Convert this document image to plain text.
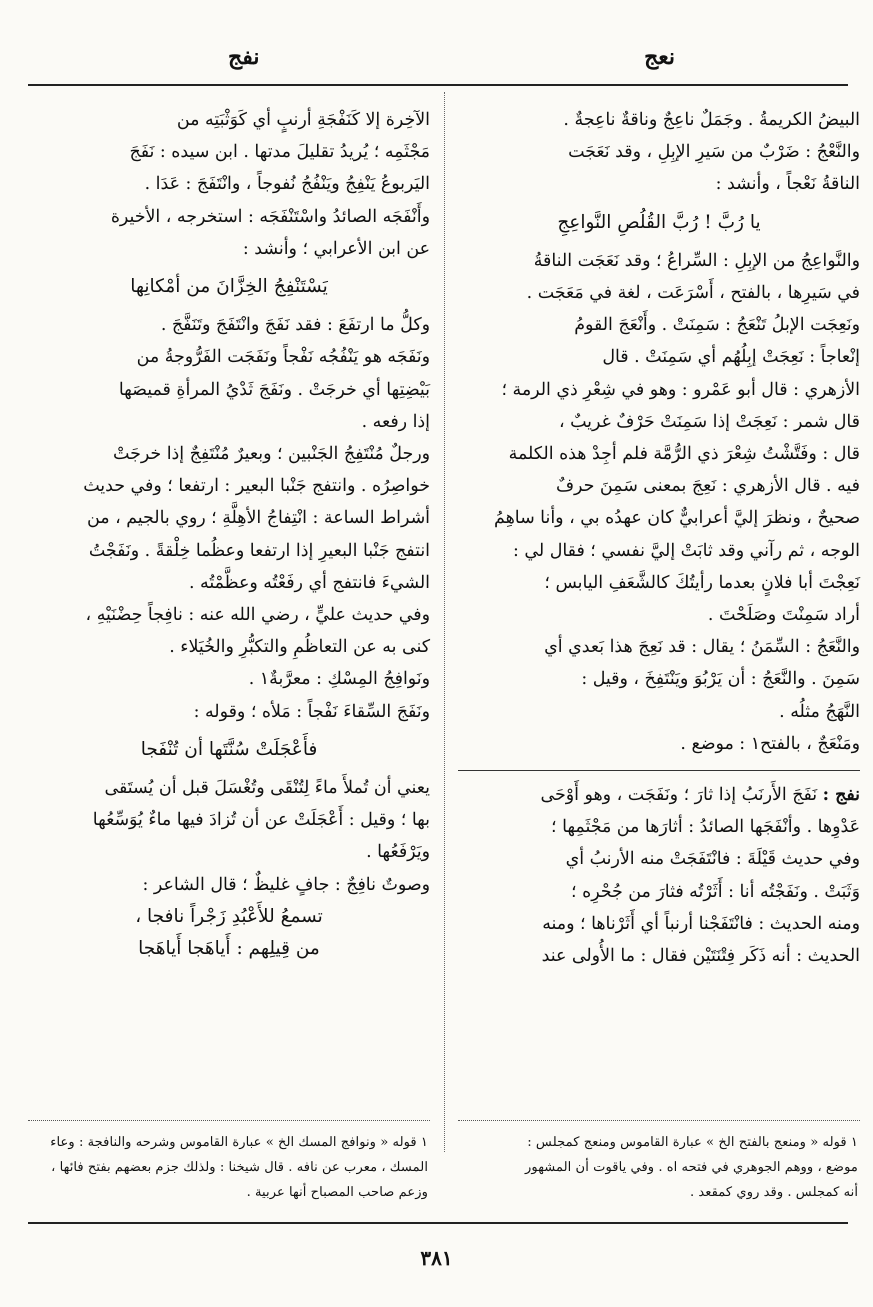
نعج
نفج

البيضُ الكريمةُ . وجَمَلٌ ناعِجٌ وناقةٌ ناعِجةٌ .

والنَّعْجُ : ضَرْبٌ من سَيرِ الإبِلِ ، وقد نَعَجَت

الناقةُ نَعْجاً ، وأنشد :

يا رُبَّ ! رُبَّ القُلُصِ النَّواعِجِ

والنَّواعِجُ من الإبِلِ : السِّراعُ ؛ وقد نَعَجَت الناقةُ

في سَيرِها ، بالفتح ، أَسْرَعَت ، لغة في مَعَجَت .

ونَعِجَت الإبلُ تَنْعَجُ : سَمِنَتْ . وأَنْعَجَ القومُ

إنْعاجاً : نَعِجَتْ إبِلُهُم أي سَمِنَتْ . قال

الأزهري : قال أبو عَمْرو : وهو في شِعْرِ ذي الرمة ؛

قال شمر : نَعِجَتْ إذا سَمِنَتْ حَرْفٌ غريبٌ ،

قال : وفَتَّشْتُ شِعْرَ ذي الرُّمَّة فلم أجِدْ هذه الكلمة

فيه . قال الأزهري : نَعِجَ بمعنى سَمِنَ حرفٌ

صحيحٌ ، ونظرَ إليَّ أعرابيٌّ كان عهدُه بي ، وأنا ساهِمُ

الوجه ، ثم رآني وقد ثابَتْ إليَّ نفسي ؛ فقال لي :

نَعِجْتَ أبا فلانٍ بعدما رأيتُكَ كالشَّعَفِ اليابس ؛

أراد سَمِنْتَ وصَلَحْتَ .

والنَّعَجُ : السِّمَنُ ؛ يقال : قد نَعِجَ هذا بَعدي أي

سَمِنَ . والنَّعَجُ : أن يَرْبُوَ ويَنْتَفِخَ ، وقيل :

النَّهَجُ مثلُه .

ومَنْعَجٌ ، بالفتح١ : موضع .

نفج : نَفَجَ الأَرنَبُ إذا ثارَ ؛ ونَفَجَت ، وهو أَوْحَى

عَدْوِها . وأنْفَجَها الصائدُ : أثارَها من مَجْثَمِها ؛

وفي حديث قَيْلَةَ : فانْتَفَجَتْ منه الأرنبُ أي

وَثَبَتْ . ونَفَجْتُه أنا : أَثَرْتُه فثارَ من جُحْرِه ؛

ومنه الحديث : فانْتَفَجْنا أرنباً أي أَثَرْناها ؛ ومنه

الحديث : أنه ذَكَر فِتْنَتَيْن فقال : ما الأُولى عند

الآخِرة إلا كَنَفْجَةِ أرنبٍ أي كَوَثْبَتِه من

مَجْثَمِه ؛ يُريدُ تقليلَ مدتها . ابن سيده : نَفَجَ

اليَربوعُ يَنْفِجُ ويَنْفُجُ نُفوجاً ، وانْتَفَجَ : عَدَا .

وأَنْفَجَه الصائدُ واسْتَنْفَجَه : استخرجه ، الأخيرة

عن ابن الأعرابي ؛ وأنشد :

يَسْتَنْفِجُ الخِزَّانَ من أمْكانِها

وكلُّ ما ارتفَعَ : فقد نَفَجَ وانْتَفَجَ وتَنَفَّجَ .

ونَفَجَه هو يَنْفُجُه نَفْجاً ونَفَجَت الفَرُّوجةُ من

بَيْضِتِها أي خرجَتْ . ونَفَجَ ثَدْيُ المرأةِ قميصَها

إذا رفعه .

ورجلٌ مُنْتَفِجُ الجَنْبين ؛ وبعيرٌ مُنْتَفِجٌ إذا خرجَتْ

خواصِرُه . وانتفج جَنْبا البعير : ارتفعا ؛ وفي حديث

أشراط الساعة : انْتِفاجُ الأهِلَّةِ ؛ روي بالجيم ، من

انتفج جَنْبا البعيرِ إذا ارتفعا وعظُما خِلْقةً . ونَفَجْتُ

الشيءَ فانتفج أي رفَعْتُه وعظَّمْتُه .

وفي حديث عليٍّ ، رضي الله عنه : نافِجاً حِضْنَيْهِ ،

كنى به عن التعاظُمِ والتكبُّرِ والخُيَلاء .

ونَوافِجُ المِسْكِ : معرَّبةٌ١ .

ونَفَجَ السِّقاءَ نَفْجاً : مَلأه ؛ وقوله :

فأَعْجَلَتْ سُنَّتَها أن تُنْفَجا

يعني أن تُملأَ ماءً لِتُنْقَى وتُغْسَلَ قبل أن يُستَقى

بها ؛ وقيل : أَعْجَلَتْ عن أن تُزادَ فيها ماءٌ يُوَسِّعُها

ويَرْفَعُها .

وصوتٌ نافِجٌ : جافٍ غليظٌ ؛ قال الشاعر :

تسمعُ للأَعْبُدِ زَجْراً نافجا ،

من قِيلِهم : أَياهَجا أَياهَجا

١ قوله « ومنعج بالفتح الخ » عبارة القاموس ومنعج كمجلس :

موضع ، ووهم الجوهري في فتحه اه . وفي ياقوت أن المشهور

أنه كمجلس . وقد روي كمقعد .

١ قوله « ونوافج المسك الخ » عبارة القاموس وشرحه والنافجة : وعاء

المسك ، معرب عن نافه . قال شيخنا : ولذلك جزم بعضهم بفتح فائها ،

وزعم صاحب المصباح أنها عربية .

٣٨١
